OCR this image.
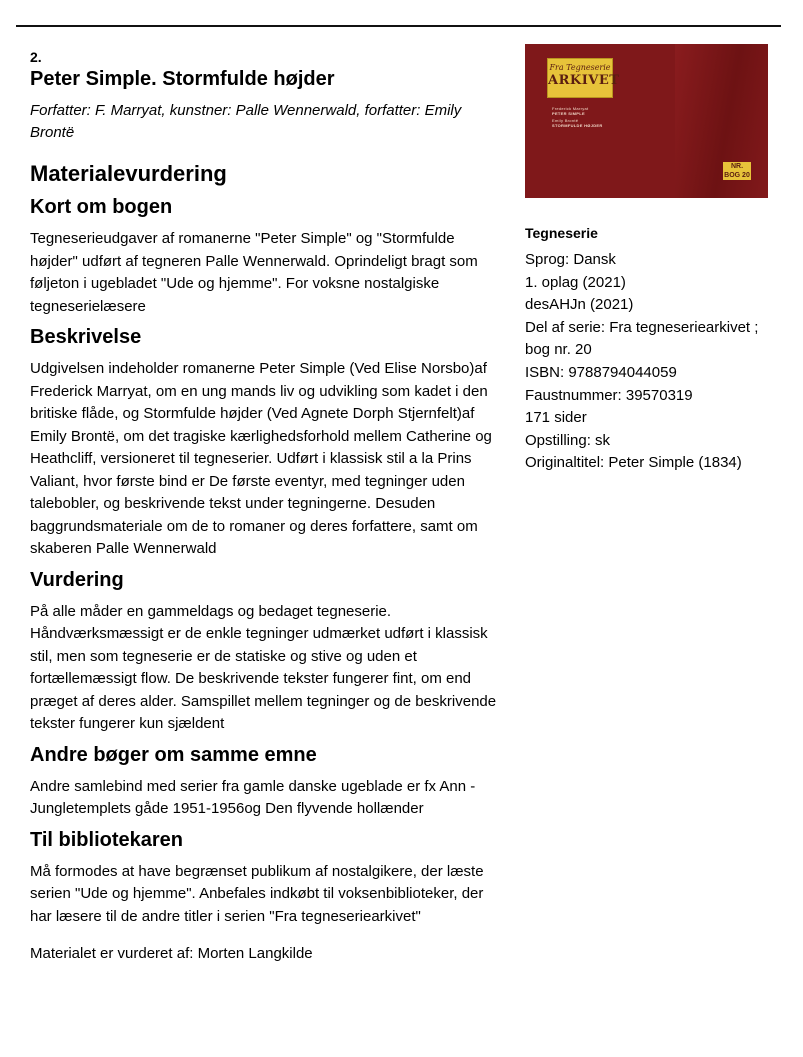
2.
Peter Simple. Stormfulde højder
Forfatter: F. Marryat, kunstner: Palle Wennerwald, forfatter: Emily Brontë
Materialevurdering
Kort om bogen

Tegneserieudgaver af romanerne "Peter Simple" og "Stormfulde højder" udført af tegneren Palle Wennerwald. Oprindeligt bragt som føljeton i ugebladet "Ude og hjemme". For voksne nostalgiske tegneserielæsere

Beskrivelse

Udgivelsen indeholder romanerne Peter Simple (Ved Elise Norsbo)af Frederick Marryat, om en ung mands liv og udvikling som kadet i den britiske flåde, og Stormfulde højder (Ved Agnete Dorph Stjernfelt)af Emily Brontë, om det tragiske kærlighedsforhold mellem Catherine og Heathcliff, versioneret til tegneserier. Udført i klassisk stil a la Prins Valiant, hvor første bind er De første eventyr, med tegninger uden talebobler, og beskrivende tekst under tegningerne. Desuden baggrundsmateriale om de to romaner og deres forfattere, samt om skaberen Palle Wennerwald

Vurdering

På alle måder en gammeldags og bedaget tegneserie. Håndværksmæssigt er de enkle tegninger udmærket udført i klassisk stil, men som tegneserie er de statiske og stive og uden et fortællemæssigt flow. De beskrivende tekster fungerer fint, om end præget af deres alder. Samspillet mellem tegninger og de beskrivende tekster fungerer kun sjældent

Andre bøger om samme emne

Andre samlebind med serier fra gamle danske ugeblade er fx Ann - Jungletemplets gåde 1951-1956og Den flyvende hollænder

Til bibliotekaren

Må formodes at have begrænset publikum af nostalgikere, der læste serien "Ude og hjemme". Anbefales indkøbt til voksenbiblioteker, der har læsere til de andre titler i serien "Fra tegneseriearkivet"

Materialet er vurderet af: Morten Langkilde
Fra Tegneserie
ARKIVET
Frederick Marryat
PETER SIMPLE
Emily Brontë
STORMFULDE HØJDER
NR.
BOG 20
Tegneserie
Sprog: Dansk
1. oplag (2021)
desAHJn (2021)
Del af serie: Fra tegneseriearkivet ; bog nr. 20
ISBN: 9788794044059
Faustnummer: 39570319
171 sider
Opstilling: sk
Originaltitel: Peter Simple (1834)
